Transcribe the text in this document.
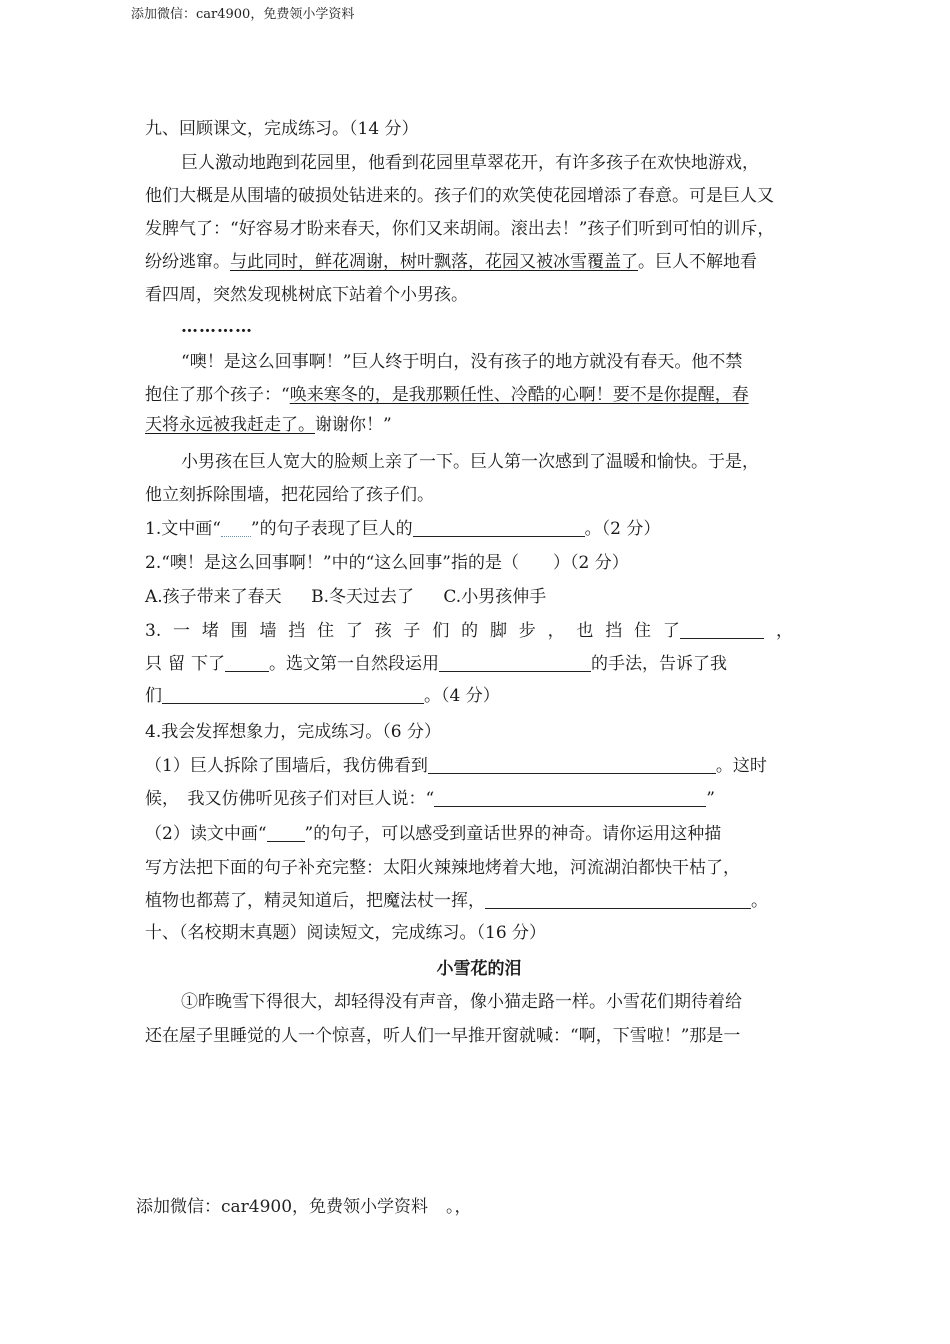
添加微信：car4900，免费领小学资料
九、回顾课文，完成练习。（14 分）
巨人激动地跑到花园里，他看到花园里草翠花开，有许多孩子在欢快地游戏，
他们大概是从围墙的破损处钻进来的。孩子们的欢笑使花园增添了春意。可是巨人又
发脾气了：“好容易才盼来春天，你们又来胡闹。滚出去！”孩子们听到可怕的训斥，
纷纷逃窜。与此同时，鲜花凋谢，树叶飘落，花园又被冰雪覆盖了。巨人不解地看
看四周，突然发现桃树底下站着个小男孩。
…………
“噢！是这么回事啊！”巨人终于明白，没有孩子的地方就没有春天。他不禁
抱住了那个孩子：“唤来寒冬的，是我那颗任性、冷酷的心啊！要不是你提醒，春
天将永远被我赶走了。谢谢你！”
小男孩在巨人宽大的脸颊上亲了一下。巨人第一次感到了温暖和愉快。于是，
他立刻拆除围墙，把花园给了孩子们。
1.文中画“ ”的句子表现了巨人的	。（2 分）
2.“噢！是这么回事啊！”中的“这么回事”指的是（　　）（2 分）
A.孩子带来了春天 B.冬天过去了 C.小男孩伸手
3. 一 堵 围 墙 挡 住 了 孩 子 们 的 脚 步 ， 也 挡 住 了	，
只 留 下了	。选文第一自然段运用	的手法，告诉了我
们	。（4 分）
4.我会发挥想象力，完成练习。（6 分）
（1）巨人拆除了围墙后，我仿佛看到	。这时
候，　我又仿佛听见孩子们对巨人说：“	”
（2）读文中画“ ”的句子，可以感受到童话世界的神奇。请你运用这种描
写方法把下面的句子补充完整：太阳火辣辣地烤着大地，河流湖泊都快干枯了，
植物也都蔫了，精灵知道后，把魔法杖一挥，	。
十、（名校期末真题）阅读短文，完成练习。（16 分）
小雪花的泪
①昨晚雪下得很大，却轻得没有声音，像小猫走路一样。小雪花们期待着给
还在屋子里睡觉的人一个惊喜，听人们一早推开窗就喊：“啊，下雪啦！”那是一
添加微信：car4900，免费领小学资料 。，
